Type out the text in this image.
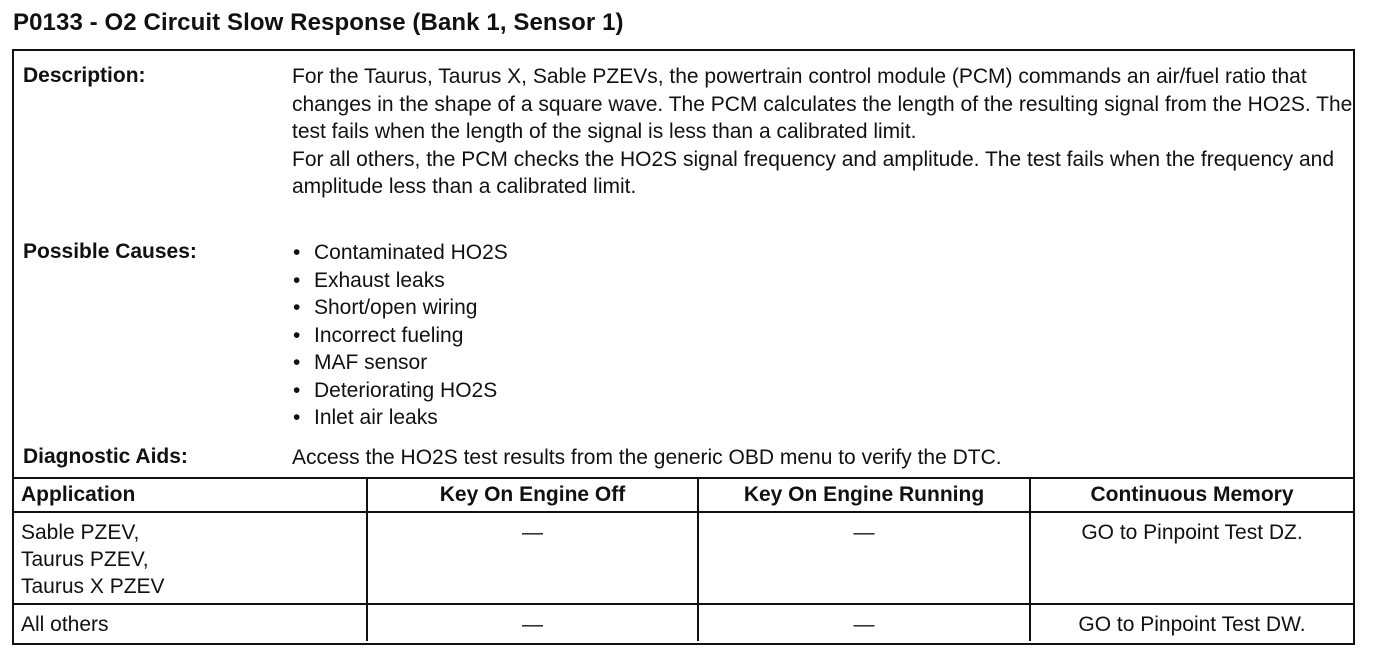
P0133 - O2 Circuit Slow Response (Bank 1, Sensor 1)
Description:	For the Taurus, Taurus X, Sable PZEVs, the powertrain control module (PCM) commands an air/fuel ratio that changes in the shape of a square wave. The PCM calculates the length of the resulting signal from the HO2S. The test fails when the length of the signal is less than a calibrated limit.

For all others, the PCM checks the HO2S signal frequency and amplitude. The test fails when the frequency and amplitude less than a calibrated limit.

Possible Causes:	• Contaminated HO2S
• Exhaust leaks
• Short/open wiring
• Incorrect fueling
• MAF sensor
• Deteriorating HO2S
• Inlet air leaks
Diagnostic Aids:	Access the HO2S test results from the generic OBD menu to verify the DTC.
Application	Key On Engine Off	Key On Engine Running	Continuous Memory

Sable PZEV,
Taurus PZEV,
Taurus X PZEV	—	—	GO to Pinpoint Test DZ.

All others	—	—	GO to Pinpoint Test DW.
